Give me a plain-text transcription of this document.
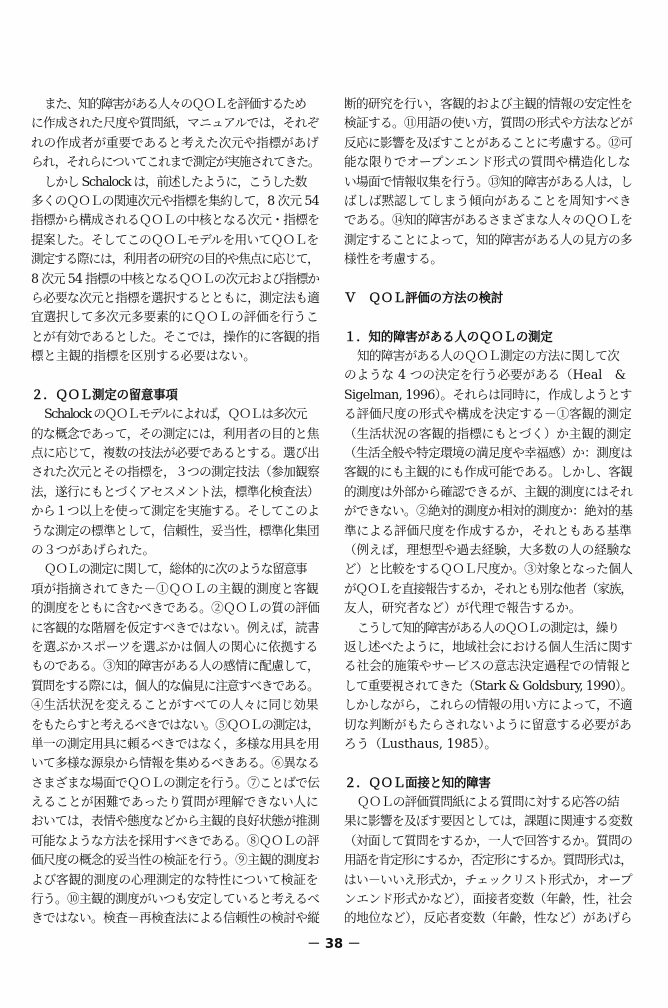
また、知的障害がある人々のＱＯＬを評価するため
に作成された尺度や質問紙，マニュアルでは，それぞ
れの作成者が重要であると考えた次元や指標があげ
られ，それらについてこれまで測定が実施されてきた。
しかし Schalock は，前述したように，こうした数
多くのＱＯＬの関連次元や指標を集約して，8 次元 54
指標から構成されるＱＯＬの中核となる次元・指標を
提案した。そしてこのＱＯＬモデルを用いてＱＯＬを
測定する際には，利用者の研究の目的や焦点に応じて，
8 次元 54 指標の中核となるＱＯＬの次元および指標か
ら必要な次元と指標を選択するとともに，測定法も適
宜選択して多次元多要素的にＱＯＬの評価を行うこ
とが有効であるとした。そこでは，操作的に客観的指
標と主観的指標を区別する必要はない。
２．ＱＯＬ測定の留意事項
Schalock のＱＯＬモデルによれば，ＱＯＬは多次元
的な概念であって，その測定には，利用者の目的と焦
点に応じて，複数の技法が必要であるとする。選び出
された次元とその指標を，３つの測定技法（参加観察
法，遂行にもとづくアセスメント法，標準化検査法）
から１つ以上を使って測定を実施する。そしてこのよ
うな測定の標準として，信頼性，妥当性，標準化集団
の３つがあげられた。
ＱＯＬの測定に関して，総体的に次のような留意事
項が指摘されてきた－①ＱＯＬの主観的測度と客観
的測度をともに含むべきである。②ＱＯＬの質の評価
に客観的な階層を仮定すべきではない。例えば，読書
を選ぶかスポーツを選ぶかは個人の関心に依拠する
ものである。③知的障害がある人の感情に配慮して，
質問をする際には，個人的な偏見に注意すべきである。
④生活状況を変えることがすべての人々に同じ効果
をもたらすと考えるべきではない。⑤ＱＯＬの測定は，
単一の測定用具に頼るべきではなく，多様な用具を用
いて多様な源泉から情報を集めるべきある。⑥異なる
さまざまな場面でＱＯＬの測定を行う。⑦ことばで伝
えることが困難であったり質問が理解できない人に
おいては，表情や態度などから主観的良好状態が推測
可能なような方法を採用すべきである。⑧ＱＯＬの評
価尺度の概念的妥当性の検証を行う。⑨主観的測度お
よび客観的測度の心理測定的な特性について検証を
行う。⑩主観的測度がいつも安定していると考えるべ
きではない。検査－再検査法による信頼性の検討や縦
断的研究を行い，客観的および主観的情報の安定性を
検証する。⑪用語の使い方，質問の形式や方法などが
反応に影響を及ぼすことがあることに考慮する。⑫可
能な限りでオープンエンド形式の質問や構造化しな
い場面で情報収集を行う。⑬知的障害がある人は，し
ばしば黙認してしまう傾向があることを周知すべき
である。⑭知的障害があるさまざまな人々のＱＯＬを
測定することによって，知的障害がある人の見方の多
様性を考慮する。
Ｖ　ＱＯＬ評価の方法の検討
１．知的障害がある人のＱＯＬの測定
知的障害がある人のＱＯＬ測定の方法に関して次
のような 4 つの決定を行う必要がある（Heal　&
Sigelman, 1996）。それらは同時に，作成しようとす
る評価尺度の形式や構成を決定する－①客観的測定
（生活状況の客観的指標にもとづく）か主観的測定
（生活全般や特定環境の満足度や幸福感）か：測度は
客観的にも主観的にも作成可能である。しかし、客観
的測度は外部から確認できるが、主観的測度にはそれ
ができない。②絶対的測度か相対的測度か：絶対的基
準による評価尺度を作成するか，それともある基準
（例えば，理想型や過去経験，大多数の人の経験な
ど）と比較をするＱＯＬ尺度か。③対象となった個人
がＱＯＬを直接報告するか，それとも別な他者（家族，
友人，研究者など）が代理で報告するか。
こうして知的障害がある人のＱＯＬの測定は，繰り
返し述べたように，地域社会における個人生活に関す
る社会的施策やサービスの意志決定過程での情報と
して重要視されてきた（Stark & Goldsbury, 1990）。
しかしながら，これらの情報の用い方によって，不適
切な判断がもたらされないように留意する必要があ
ろう（Lusthaus, 1985）。
２．ＱＯＬ面接と知的障害
ＱＯＬの評価質問紙による質問に対する応答の結
果に影響を及ぼす要因としては，課題に関連する変数
（対面して質問をするか，一人で回答するか。質問の
用語を肯定形にするか，否定形にするか。質問形式は，
はい－いいえ形式か，チェックリスト形式か，オープ
ンエンド形式かなど），面接者変数（年齢，性，社会
的地位など），反応者変数（年齢，性など）があげら
－ 38 －
